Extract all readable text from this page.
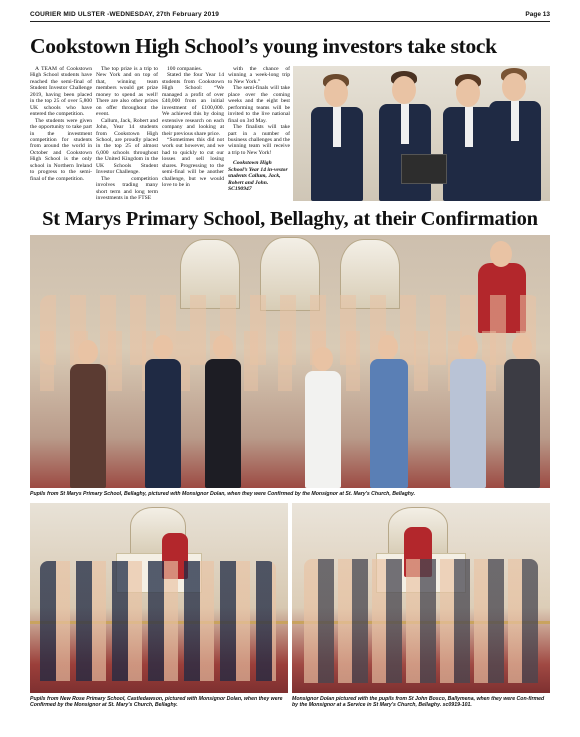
COURIER MID ULSTER -WEDNESDAY, 27th February 2019	Page 13
Cookstown High School’s young investors take stock

A TEAM of Cookstown High School students have reached the semi-final of Student Investor Challenge 2019, having been placed in the top 25 of over 5,800 UK schools who have entered the competition.

The students were given the opportunity to take part in the investment competition for students from around the world in October and Cookstown High School is the only school in Northern Ireland to progress to the semi-final of the competition.

The top prize is a trip to New York and on top of that, winning team members would get prize money to spend as well! There are also other prizes on offer throughout the event.

Callum, Jack, Robert and John, Year 14 students from Cookstown High School, are proudly placed in the top 25 of almost 6,000 schools throughout the United Kingdom in the UK Schools Student Investor Challenge.

The competition involves trading many short term and long term investments in the FTSE

100 companies.

Stated the four Year 14 students from Cookstown High School: “We managed a profit of over £40,000 from an initial investment of £100,000. We achieved this by doing extensive research on each company and looking at their previous share price.

“Sometimes this did not work out however, and we had to quickly to cut our losses and sell losing shares. Progressing to the semi-final will be another challenge, but we would love to be in

with the chance of winning a week-long trip to New York.”

The semi-finals will take place over the coming weeks and the eight best performing teams will be invited to the live national final on 3rd May.

The finalists will take part in a number of business challenges and the winning team will receive a trip to New York!

Cookstown High School’s Year 14 in-vestor students Callum, Jack, Robert and John. SC190947

St Marys Primary School, Bellaghy, at their Confirmation

Pupils from St Marys Primary School, Bellaghy, pictured with Monsignor Dolan, when they were Confirmed by the Monsignor at St. Mary's Church, Bellaghy.

Pupils from New Rose Primary School, Castledawson, pictured with Monsignor Dolan, when they were Confirmed by the Monsignor at St. Mary's Church, Bellaghy.

Monsignor Dolan pictured with the pupils from St John Bosco, Ballymena, when they were Con-firmed by the Monsignor at a Service in St Mary's Church, Bellaghy. sc0919-101.
